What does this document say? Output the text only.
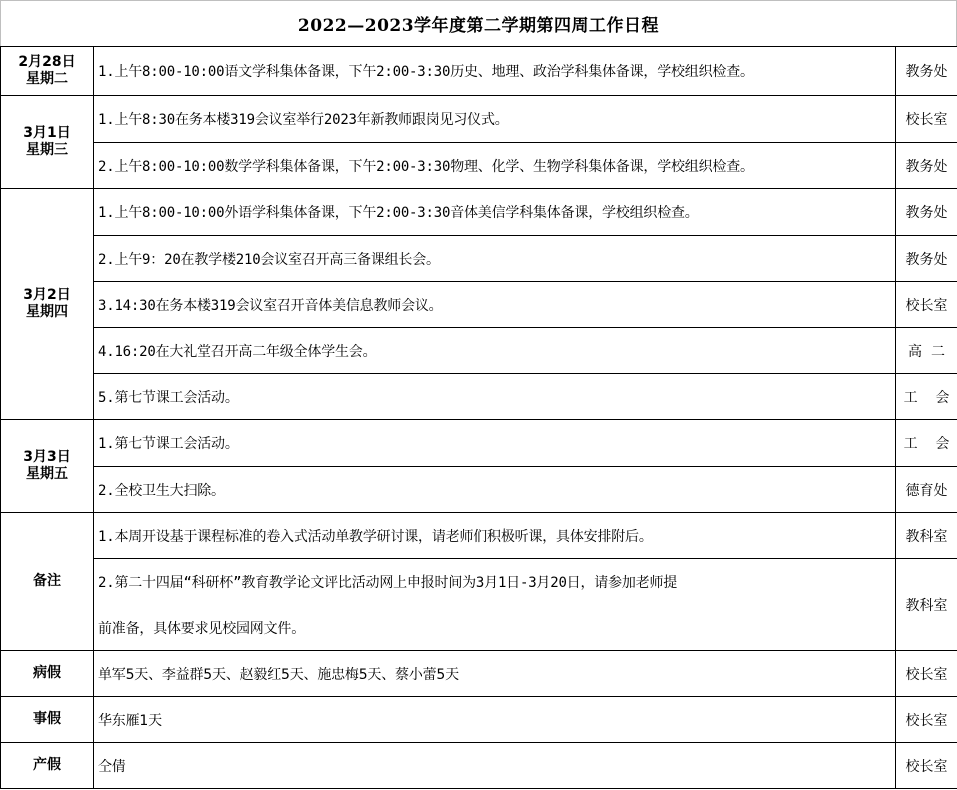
2022—2023学年度第二学期第四周工作日程
2月28日
星期二	1.上午8:00-10:00语文学科集体备课，下午2:00-3:30历史、地理、政治学科集体备课，学校组织检查。	教务处

3月1日
星期三	1.上午8:30在务本楼319会议室举行2023年新教师跟岗见习仪式。	校长室
	2.上午8:00-10:00数学学科集体备课，下午2:00-3:30物理、化学、生物学科集体备课，学校组织检查。	教务处

3月2日
星期四	1.上午8:00-10:00外语学科集体备课，下午2:00-3:30音体美信学科集体备课，学校组织检查。	教务处
	2.上午9：20在教学楼210会议室召开高三备课组长会。	教务处
	3.14:30在务本楼319会议室召开音体美信息教师会议。	校长室
	4.16:20在大礼堂召开高二年级全体学生会。	高  二
	5.第七节课工会活动。	工    会

3月3日
星期五	1.第七节课工会活动。	工    会
	2.全校卫生大扫除。	德育处

备注	1.本周开设基于课程标准的卷入式活动单教学研讨课，请老师们积极听课，具体安排附后。	教科室

	2.第二十四届“科研杯”教育教学论文评比活动网上申报时间为3月1日-3月20日，请参加老师提
前准备，具体要求见校园网文件。	教科室
病假	单军5天、李益群5天、赵毅红5天、施忠梅5天、蔡小蕾5天	校长室
事假	华东雁1天	校长室
产假	仝倩	校长室
